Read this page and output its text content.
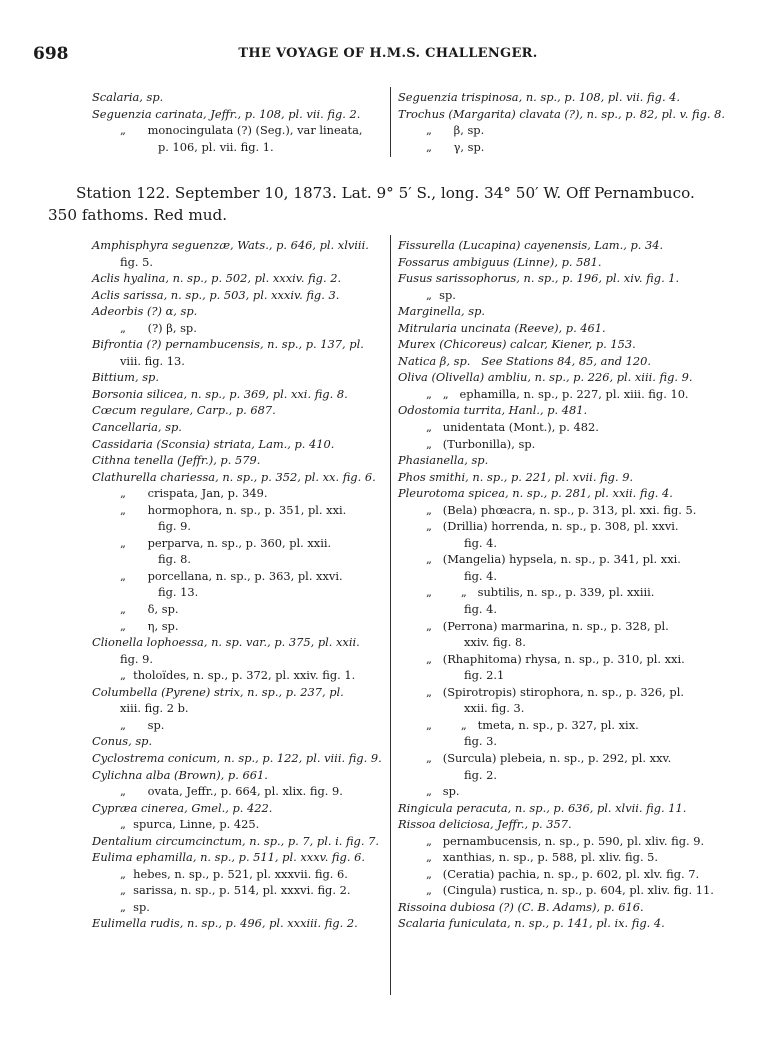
698	THE VOYAGE OF H.M.S. CHALLENGER.
Scalaria, sp.
Seguenzia carinata, Jeffr., p. 108, pl. vii. fig. 2.
„      monocingulata (?) (Seg.), var lineata,
p. 106, pl. vii. fig. 1.
Seguenzia trispinosa, n. sp., p. 108, pl. vii. fig. 4.
Trochus (Margarita) clavata (?), n. sp., p. 82, pl. v. fig. 8.
„      β, sp.
„      γ, sp.
Station 122. September 10, 1873. Lat. 9° 5′ S., long. 34° 50′ W. Off Pernambuco.
350 fathoms. Red mud.
Amphisphyra seguenzæ, Wats., p. 646, pl. xlviii.
fig. 5.
Aclis hyalina, n. sp., p. 502, pl. xxxiv. fig. 2.
Aclis sarissa, n. sp., p. 503, pl. xxxiv. fig. 3.
Adeorbis (?) α, sp.
„      (?) β, sp.
Bifrontia (?) pernambucensis, n. sp., p. 137, pl.
viii. fig. 13.
Bittium, sp.
Borsonia silicea, n. sp., p. 369, pl. xxi. fig. 8.
Cœcum regulare, Carp., p. 687.
Cancellaria, sp.
Cassidaria (Sconsia) striata, Lam., p. 410.
Cithna tenella (Jeffr.), p. 579.
Clathurella chariessa, n. sp., p. 352, pl. xx. fig. 6.
„      crispata, Jan, p. 349.
„      hormophora, n. sp., p. 351, pl. xxi.
fig. 9.
„      perparva, n. sp., p. 360, pl. xxii.
fig. 8.
„      porcellana, n. sp., p. 363, pl. xxvi.
fig. 13.
„      δ, sp.
„      η, sp.
Clionella lophoessa, n. sp. var., p. 375, pl. xxii.
fig. 9.
„  tholoïdes, n. sp., p. 372, pl. xxiv. fig. 1.
Columbella (Pyrene) strix, n. sp., p. 237, pl.
xiii. fig. 2 b.
„      sp.
Conus, sp.
Cyclostrema conicum, n. sp., p. 122, pl. viii. fig. 9.
Cylichna alba (Brown), p. 661.
„      ovata, Jeffr., p. 664, pl. xlix. fig. 9.
Cypræa cinerea, Gmel., p. 422.
„  spurca, Linne, p. 425.
Dentalium circumcinctum, n. sp., p. 7, pl. i. fig. 7.
Eulima ephamilla, n. sp., p. 511, pl. xxxv. fig. 6.
„  hebes, n. sp., p. 521, pl. xxxvii. fig. 6.
„  sarissa, n. sp., p. 514, pl. xxxvi. fig. 2.
„  sp.
Eulimella rudis, n. sp., p. 496, pl. xxxiii. fig. 2.
Fissurella (Lucapina) cayenensis, Lam., p. 34.
Fossarus ambiguus (Linne), p. 581.
Fusus sarissophorus, n. sp., p. 196, pl. xiv. fig. 1.
„  sp.
Marginella, sp.
Mitrularia uncinata (Reeve), p. 461.
Murex (Chicoreus) calcar, Kiener, p. 153.
Natica β, sp.   See Stations 84, 85, and 120.
Oliva (Olivella) ambliu, n. sp., p. 226, pl. xiii. fig. 9.
„   „   ephamilla, n. sp., p. 227, pl. xiii. fig. 10.
Odostomia turrita, Hanl., p. 481.
„   unidentata (Mont.), p. 482.
„   (Turbonilla), sp.
Phasianella, sp.
Phos smithi, n. sp., p. 221, pl. xvii. fig. 9.
Pleurotoma spicea, n. sp., p. 281, pl. xxii. fig. 4.
„   (Bela) phœacra, n. sp., p. 313, pl. xxi. fig. 5.
„   (Drillia) horrenda, n. sp., p. 308, pl. xxvi.
fig. 4.
„   (Mangelia) hypsela, n. sp., p. 341, pl. xxi.
fig. 4.
„        „   subtilis, n. sp., p. 339, pl. xxiii.
fig. 4.
„   (Perrona) marmarina, n. sp., p. 328, pl.
xxiv. fig. 8.
„   (Rhaphitoma) rhysa, n. sp., p. 310, pl. xxi.
fig. 2.1
„   (Spirotropis) stirophora, n. sp., p. 326, pl.
xxii. fig. 3.
„        „   tmeta, n. sp., p. 327, pl. xix.
fig. 3.
„   (Surcula) plebeia, n. sp., p. 292, pl. xxv.
fig. 2.
„   sp.
Ringicula peracuta, n. sp., p. 636, pl. xlvii. fig. 11.
Rissoa deliciosa, Jeffr., p. 357.
„   pernambucensis, n. sp., p. 590, pl. xliv. fig. 9.
„   xanthias, n. sp., p. 588, pl. xliv. fig. 5.
„   (Ceratia) pachia, n. sp., p. 602, pl. xlv. fig. 7.
„   (Cingula) rustica, n. sp., p. 604, pl. xliv. fig. 11.
Rissoina dubiosa (?) (C. B. Adams), p. 616.
Scalaria funiculata, n. sp., p. 141, pl. ix. fig. 4.
